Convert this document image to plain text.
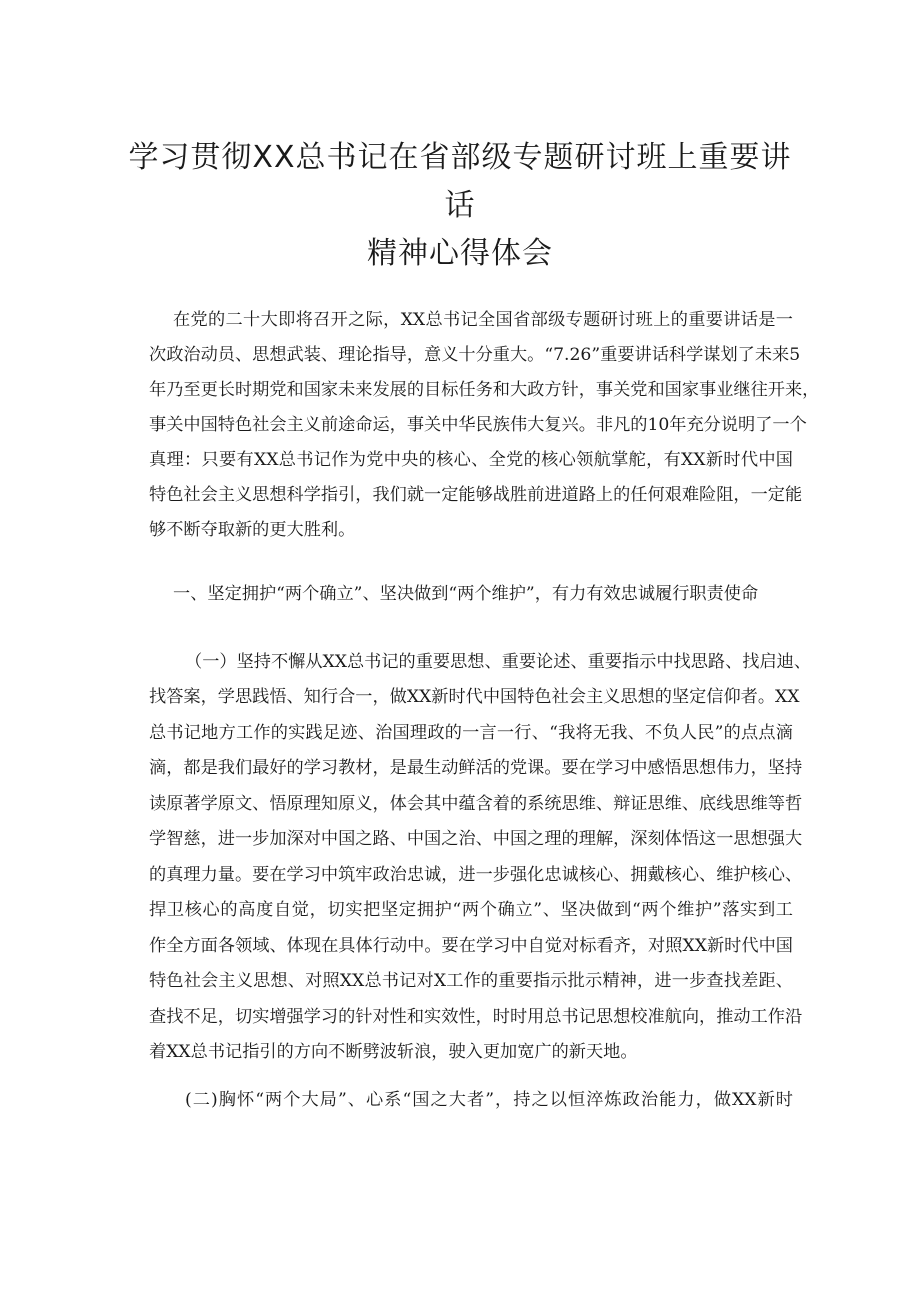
学习贯彻XX总书记在省部级专题研讨班上重要讲话
精神心得体会
在党的二十大即将召开之际，XX总书记全国省部级专题研讨班上的重要讲话是一
次政治动员、思想武装、理论指导，意义十分重大。“7.26”重要讲话科学谋划了未来5
年乃至更长时期党和国家未来发展的目标任务和大政方针，事关党和国家事业继往开来，
事关中国特色社会主义前途命运，事关中华民族伟大复兴。非凡的10年充分说明了一个
真理：只要有XX总书记作为党中央的核心、全党的核心领航掌舵，有XX新时代中国
特色社会主义思想科学指引，我们就一定能够战胜前进道路上的任何艰难险阻，一定能
够不断夺取新的更大胜利。
一、坚定拥护“两个确立”、坚决做到“两个维护”，有力有效忠诚履行职责使命
（一）坚持不懈从XX总书记的重要思想、重要论述、重要指示中找思路、找启迪、
找答案，学思践悟、知行合一，做XX新时代中国特色社会主义思想的坚定信仰者。XX
总书记地方工作的实践足迹、治国理政的一言一行、“我将无我、不负人民”的点点滴
滴，都是我们最好的学习教材，是最生动鲜活的党课。要在学习中感悟思想伟力，坚持
读原著学原文、悟原理知原义，体会其中蕴含着的系统思维、辩证思维、底线思维等哲
学智慈，进一步加深对中国之路、中国之治、中国之理的理解，深刻体悟这一思想强大
的真理力量。要在学习中筑牢政治忠诚，进一步强化忠诚核心、拥戴核心、维护核心、
捍卫核心的高度自觉，切实把坚定拥护“两个确立”、坚决做到“两个维护”落实到工
作全方面各领域、体现在具体行动中。要在学习中自觉对标看齐，对照XX新时代中国
特色社会主义思想、对照XX总书记对X工作的重要指示批示精神，进一步查找差距、
查找不足，切实增强学习的针对性和实效性，时时用总书记思想校准航向，推动工作沿
着XX总书记指引的方向不断劈波斩浪，驶入更加宽广的新天地。
(二)胸怀“两个大局”、心系“国之大者”，持之以恒淬炼政治能力，做XX新时
